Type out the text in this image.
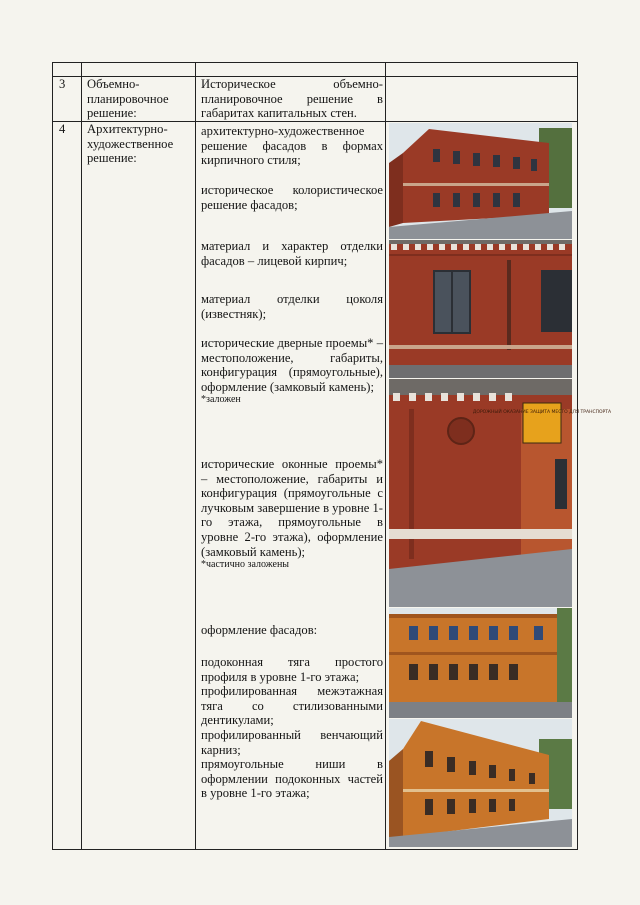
3 Объемно-планировочное решение:
Историческое объемно-планировочное решение в габаритах капитальных стен.
4 Архитектурно-художественное решение:

архитектурно-художественное решение фасадов в формах кирпичного стиля;

историческое колористическое решение фасадов;

материал и характер отделки фасадов – лицевой кирпич;

материал отделки цоколя (известняк);

исторические дверные проемы* – местоположение, габариты, конфигурация (прямоугольные), оформление (замковый камень);

*заложен

исторические оконные проемы* – местоположение, габариты и конфигурация (прямоугольные с лучковым завершение в уровне 1-го этажа, прямоугольные в уровне 2-го этажа), оформление (замковый камень);

*частично заложены

оформление фасадов:

подоконная тяга простого профиля в уровне 1-го этажа;

профилированная межэтажная тяга со стилизованными дентикулами;

профилированный венчающий карниз;

прямоугольные ниши в оформлении подоконных частей в уровне 1-го этажа;

ДОРОЖНЫЙ ОКАЗАНИЕ ЗАЩИТА МЕСТО ДЛЯ ТРАНСПОРТА
